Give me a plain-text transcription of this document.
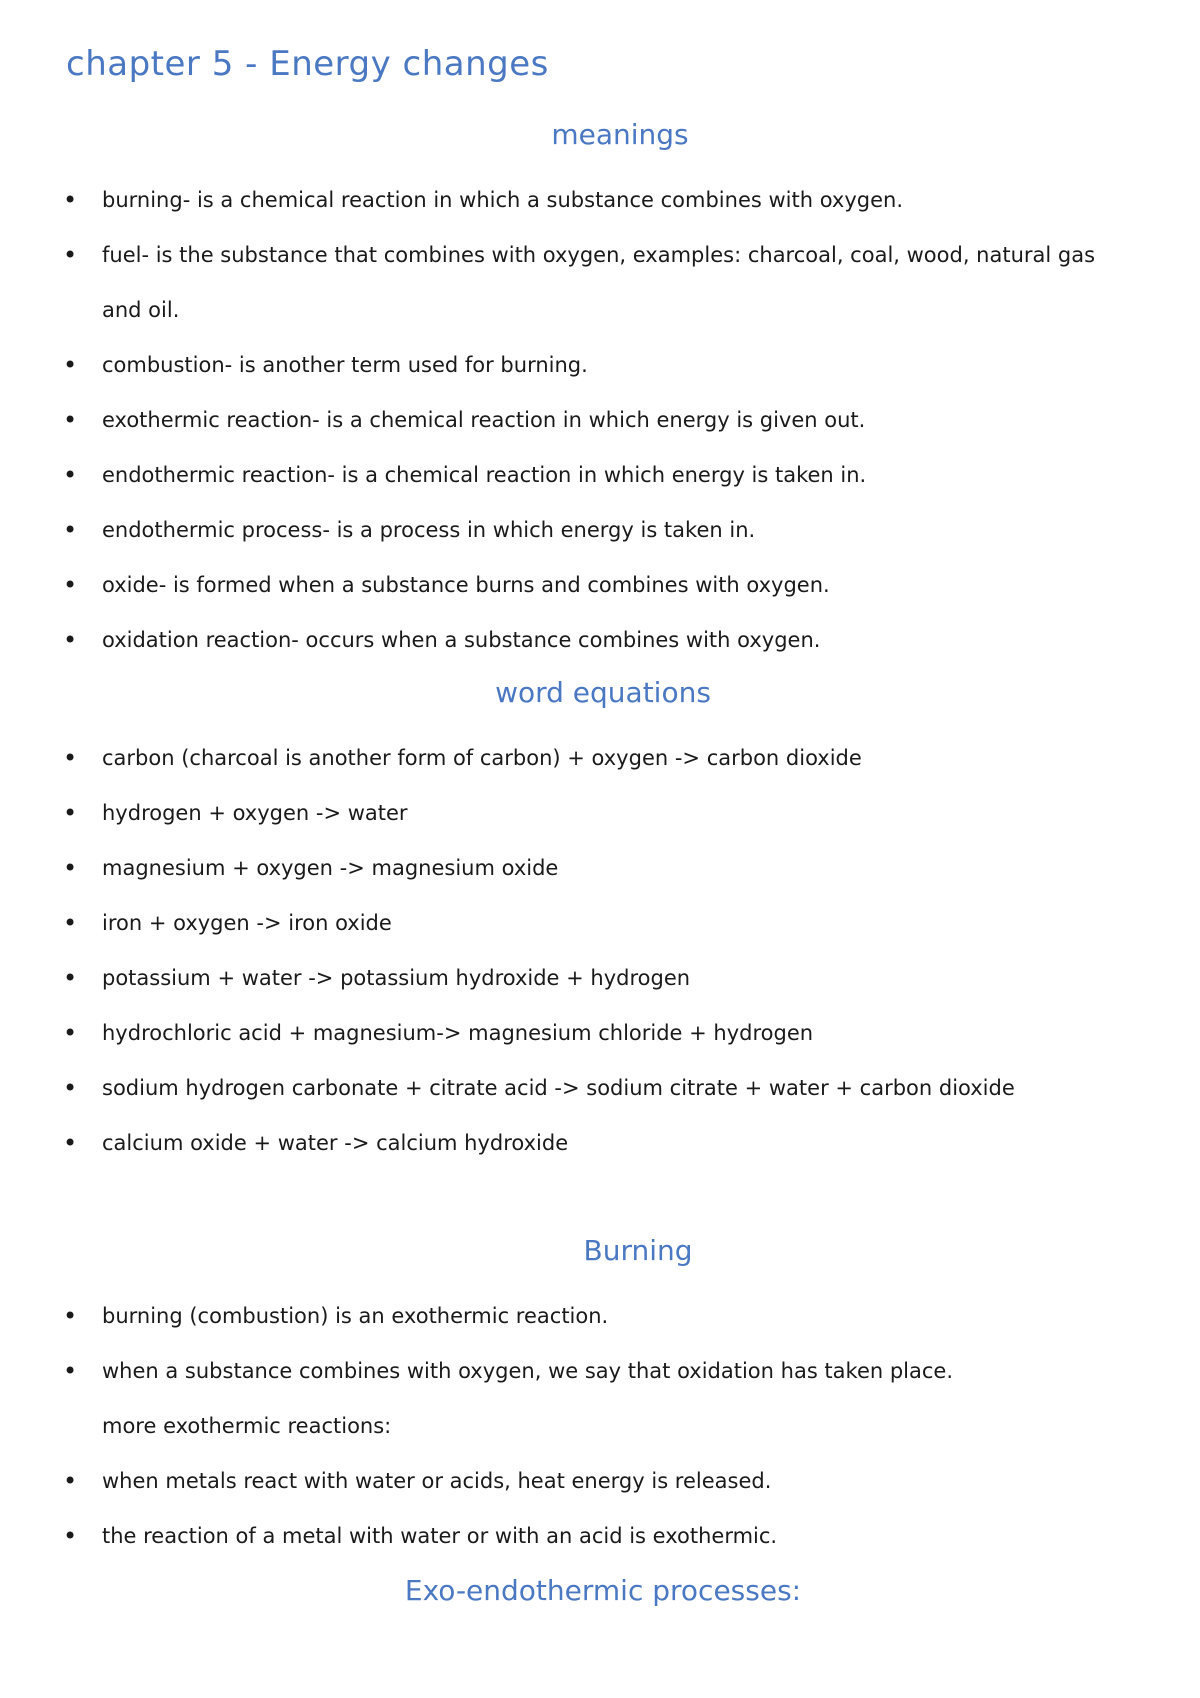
chapter 5 - Energy changes
meanings
• burning- is a chemical reaction in which a substance combines with oxygen.
• fuel- is the substance that combines with oxygen, examples: charcoal, coal, wood, natural gas and oil.
• combustion- is another term used for burning.
• exothermic reaction- is a chemical reaction in which energy is given out.
• endothermic reaction- is a chemical reaction in which energy is taken in.
• endothermic process- is a process in which energy is taken in.
• oxide- is formed when a substance burns and combines with oxygen.
• oxidation reaction- occurs when a substance combines with oxygen.
word equations
• carbon (charcoal is another form of carbon) + oxygen -> carbon dioxide
• hydrogen + oxygen -> water
• magnesium + oxygen -> magnesium oxide
• iron + oxygen -> iron oxide
• potassium + water -> potassium hydroxide + hydrogen
• hydrochloric acid + magnesium-> magnesium chloride + hydrogen
• sodium hydrogen carbonate + citrate acid -> sodium citrate + water + carbon dioxide
• calcium oxide + water -> calcium hydroxide
Burning
• burning (combustion) is an exothermic reaction.
• when a substance combines with oxygen, we say that oxidation has taken place.

more exothermic reactions:

• when metals react with water or acids, heat energy is released.
• the reaction of a metal with water or with an acid is exothermic.
Exo-endothermic processes:
